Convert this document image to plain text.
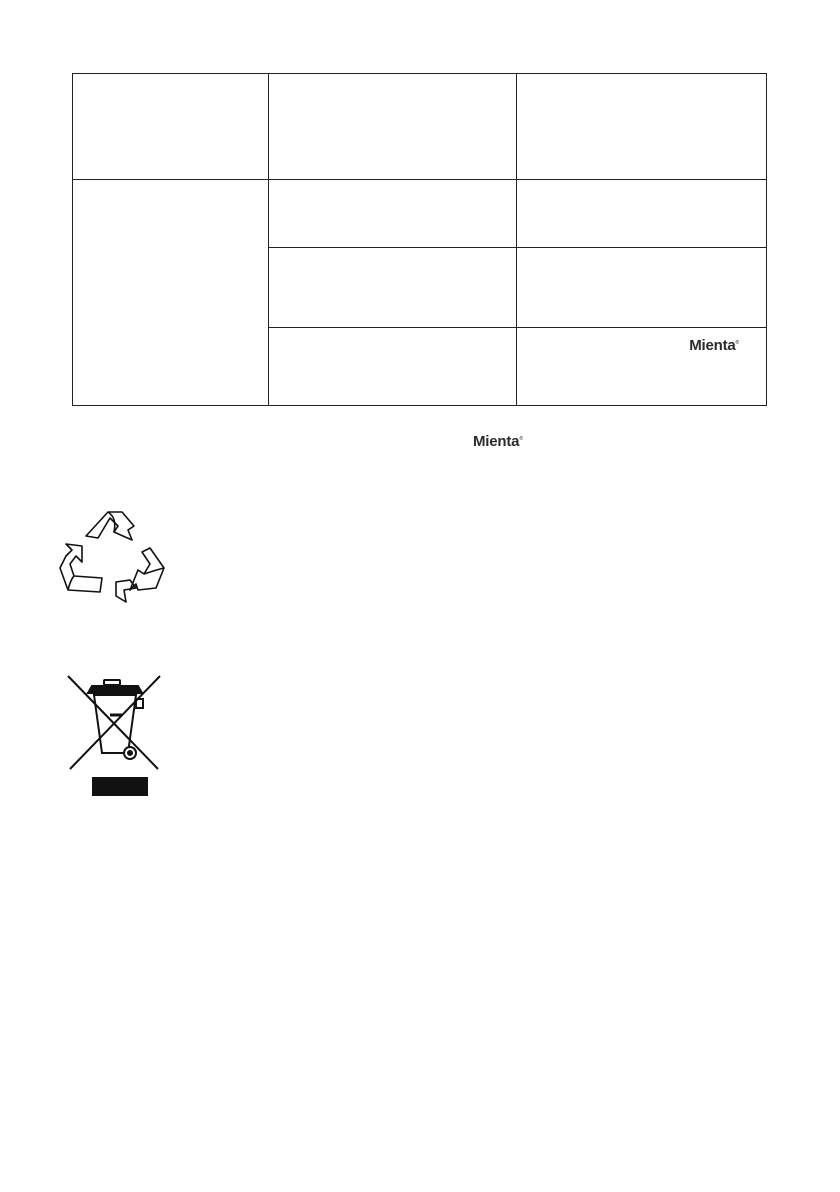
		Mienta®
Mienta®
